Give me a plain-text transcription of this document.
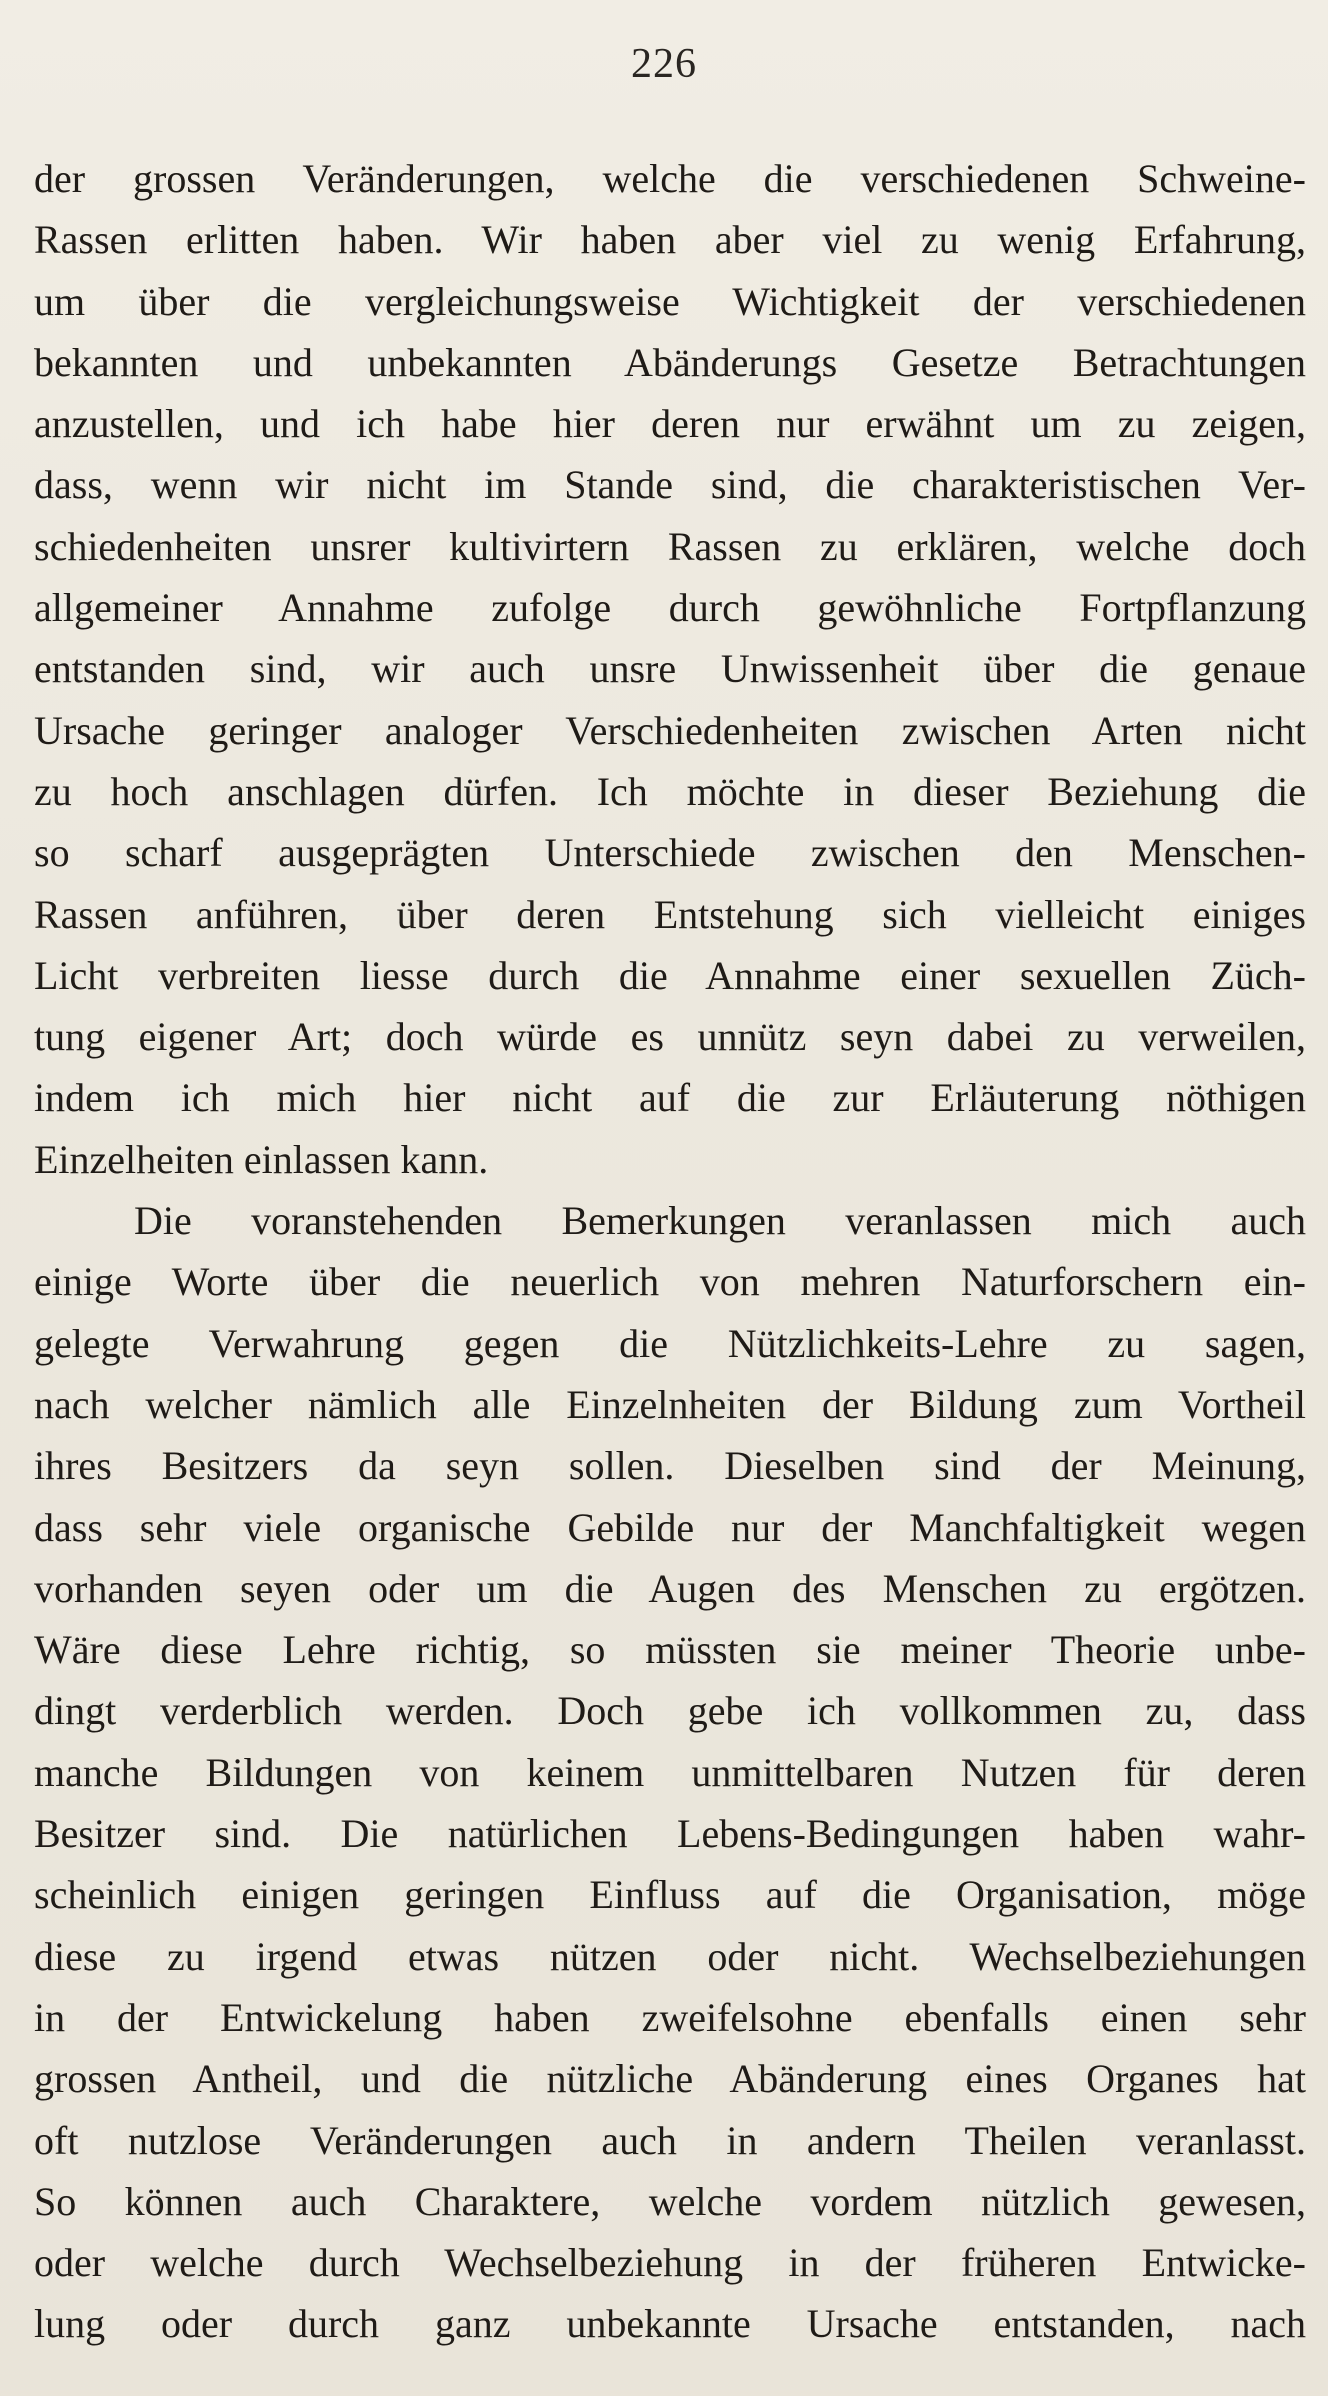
226
der grossen Veränderungen, welche die verschiedenen Schweine-
Rassen erlitten haben. Wir haben aber viel zu wenig Erfahrung,
um über die vergleichungsweise Wichtigkeit der verschiedenen
bekannten und unbekannten Abänderungs Gesetze Betrachtungen
anzustellen, und ich habe hier deren nur erwähnt um zu zeigen,
dass, wenn wir nicht im Stande sind, die charakteristischen Ver-
schiedenheiten unsrer kultivirtern Rassen zu erklären, welche doch
allgemeiner Annahme zufolge durch gewöhnliche Fortpflanzung
entstanden sind, wir auch unsre Unwissenheit über die genaue
Ursache geringer analoger Verschiedenheiten zwischen Arten nicht
zu hoch anschlagen dürfen. Ich möchte in dieser Beziehung die
so scharf ausgeprägten Unterschiede zwischen den Menschen-
Rassen anführen, über deren Entstehung sich vielleicht einiges
Licht verbreiten liesse durch die Annahme einer sexuellen Züch-
tung eigener Art; doch würde es unnütz seyn dabei zu verweilen,
indem ich mich hier nicht auf die zur Erläuterung nöthigen
Einzelheiten einlassen kann.
Die voranstehenden Bemerkungen veranlassen mich auch
einige Worte über die neuerlich von mehren Naturforschern ein-
gelegte Verwahrung gegen die Nützlichkeits-Lehre zu sagen,
nach welcher nämlich alle Einzelnheiten der Bildung zum Vortheil
ihres Besitzers da seyn sollen. Dieselben sind der Meinung,
dass sehr viele organische Gebilde nur der Manchfaltigkeit wegen
vorhanden seyen oder um die Augen des Menschen zu ergötzen.
Wäre diese Lehre richtig, so müssten sie meiner Theorie unbe-
dingt verderblich werden. Doch gebe ich vollkommen zu, dass
manche Bildungen von keinem unmittelbaren Nutzen für deren
Besitzer sind. Die natürlichen Lebens-Bedingungen haben wahr-
scheinlich einigen geringen Einfluss auf die Organisation, möge
diese zu irgend etwas nützen oder nicht. Wechselbeziehungen
in der Entwickelung haben zweifelsohne ebenfalls einen sehr
grossen Antheil, und die nützliche Abänderung eines Organes hat
oft nutzlose Veränderungen auch in andern Theilen veranlasst.
So können auch Charaktere, welche vordem nützlich gewesen,
oder welche durch Wechselbeziehung in der früheren Entwicke-
lung oder durch ganz unbekannte Ursache entstanden, nach
